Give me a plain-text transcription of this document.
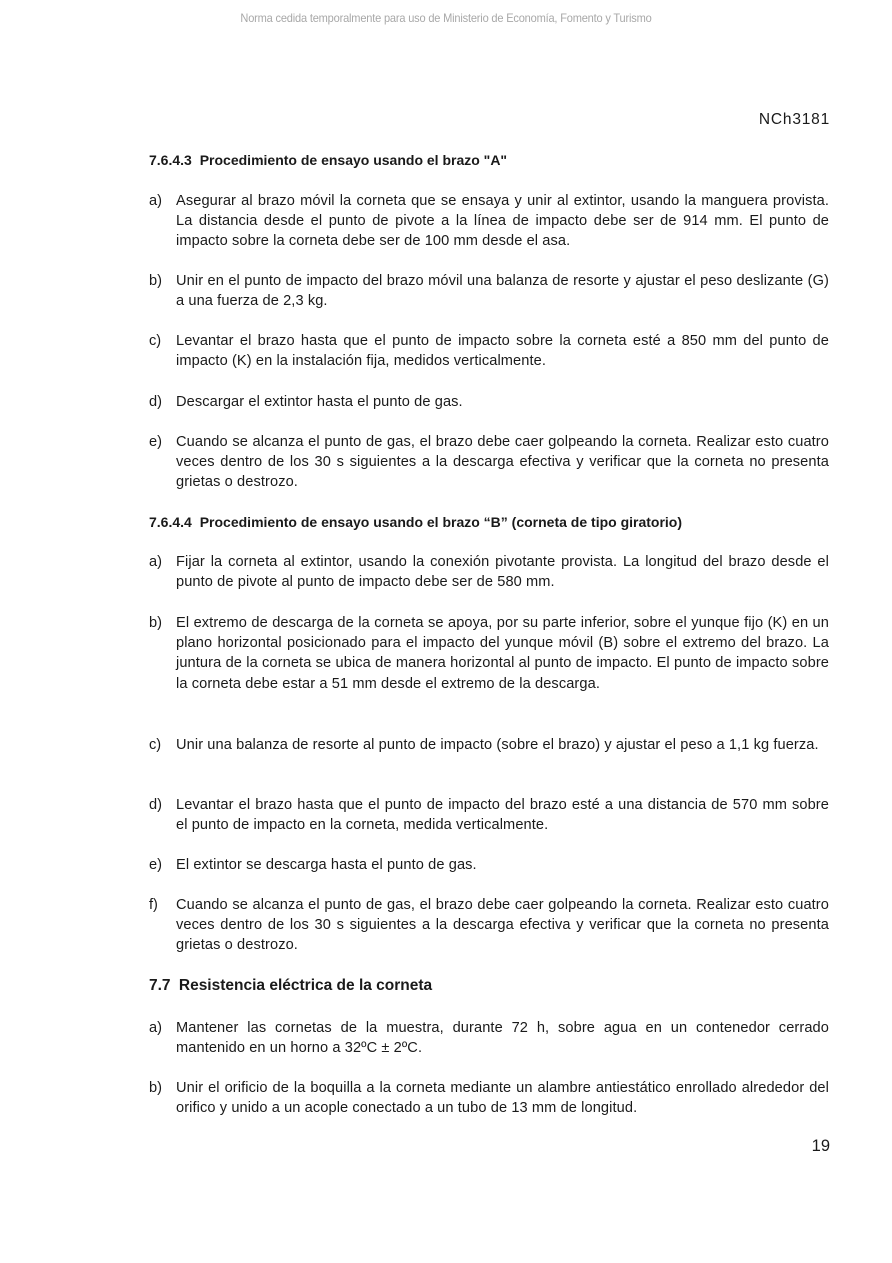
Norma cedida temporalmente para uso de Ministerio de Economía, Fomento y Turismo
NCh3181

7.6.4.3 Procedimiento de ensayo usando el brazo "A"

a) Asegurar al brazo móvil la corneta que se ensaya y unir al extintor, usando la manguera provista. La distancia desde el punto de pivote a la línea de impacto debe ser de 914 mm. El punto de impacto sobre la corneta debe ser de 100 mm desde el asa.
b) Unir en el punto de impacto del brazo móvil una balanza de resorte y ajustar el peso deslizante (G) a una fuerza de 2,3 kg.
c)	Levantar el brazo hasta que el punto de impacto sobre la corneta esté a 850 mm del punto de impacto (K) en la instalación fija, medidos verticalmente.
d) Descargar el extintor hasta el punto de gas.
e) Cuando se alcanza el punto de gas, el brazo debe caer golpeando la corneta. Realizar esto cuatro veces dentro de los 30 s siguientes a la descarga efectiva y verificar que la corneta no presenta grietas o destrozo.

7.6.4.4 Procedimiento de ensayo usando el brazo “B” (corneta de tipo giratorio)

a) Fijar la corneta al extintor, usando la conexión pivotante provista. La longitud del brazo desde el punto de pivote al punto de impacto debe ser de 580 mm.
b) El extremo de descarga de la corneta se apoya, por su parte inferior, sobre el yunque fijo (K) en un plano horizontal posicionado para el impacto del yunque móvil (B) sobre el extremo del brazo. La juntura de la corneta se ubica de manera horizontal al punto de impacto. El punto de impacto sobre la corneta debe estar a 51 mm desde el extremo de la descarga.
c)	Unir una balanza de resorte al punto de impacto (sobre el brazo) y ajustar el peso a 1,1 kg fuerza.
d) Levantar el brazo hasta que el punto de impacto del brazo esté a una distancia de 570 mm sobre el punto de impacto en la corneta, medida verticalmente.
e) El extintor se descarga hasta el punto de gas.
f)	Cuando se alcanza el punto de gas, el brazo debe caer golpeando la corneta. Realizar esto cuatro veces dentro de los 30 s siguientes a la descarga efectiva y verificar que la corneta no presenta grietas o destrozo.

7.7 Resistencia eléctrica de la corneta

a) Mantener las cornetas de la muestra, durante 72 h, sobre agua en un contenedor cerrado mantenido en un horno a 32ºC ± 2ºC.
b) Unir el orificio de la boquilla a la corneta mediante un alambre antiestático enrollado alrededor del orifico y unido a un acople conectado a un tubo de 13 mm de longitud.
19
